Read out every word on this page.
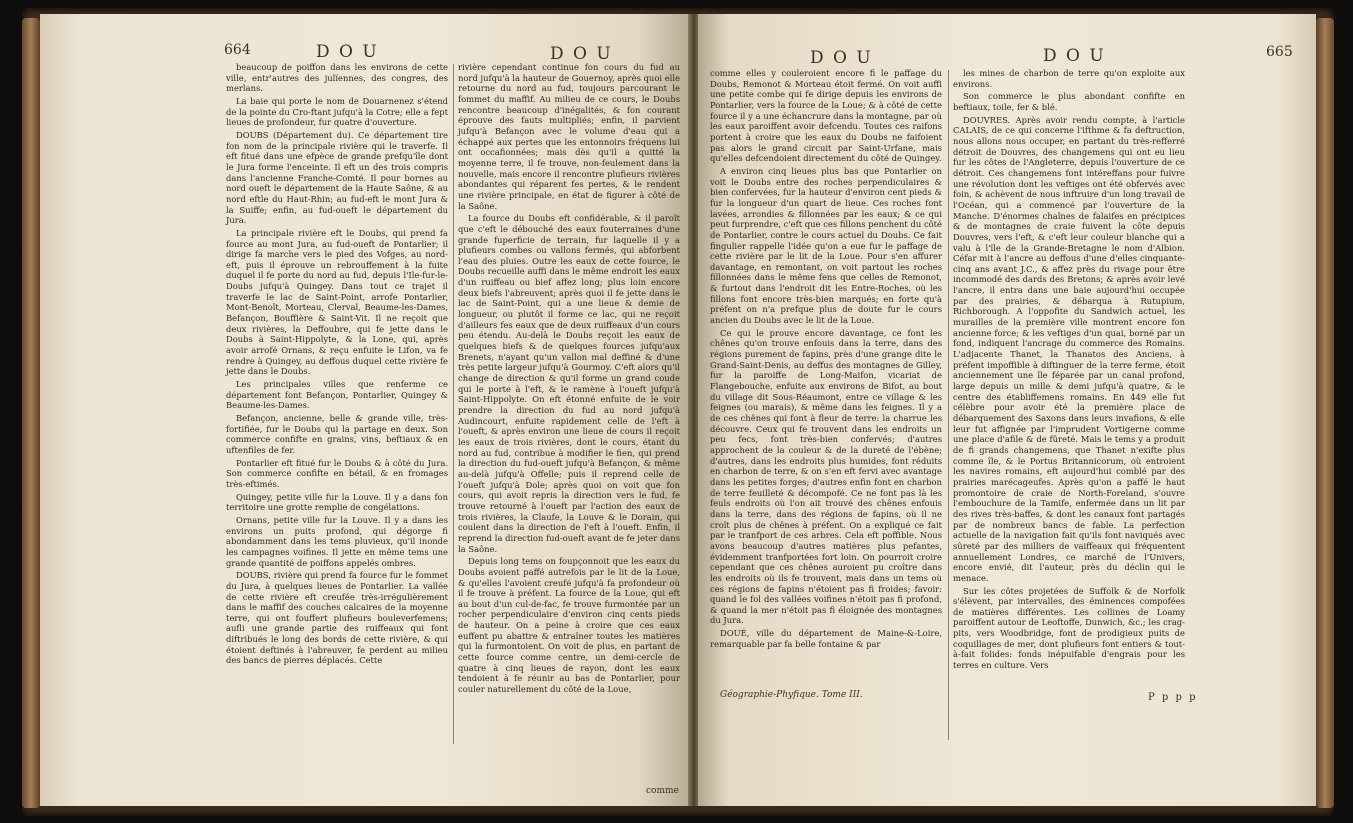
664	D O U	D O U

beaucoup de poiffon dans les environs de cette ville, entr'autres des julïennes, des congres, des merlans.

La baie qui porte le nom de Douarnenez s'étend de la pointe du Cro-ftant jufqu'à la Cotre; elle a fept lieues de profondeur, fur quatre d'ouverture.

DOUBS (Département du). Ce département tire fon nom de la principale rivière qui le traverfe. Il eft fitué dans une efpèce de grande prefqu'île dont le Jura forme l'enceinte. Il eft un des trois compris dans l'ancienne Franche-Comté. Il pour bornes au nord oueft le département de la Haute Saône, & au nord eftle du Haut-Rhin; au fud-eft le mont Jura & la Suiffe; enfin, au fud-oueft le département du Jura.

La principale rivière eft le Doubs, qui prend fa fource au mont Jura, au fud-oueft de Pontarlier; il dirige fa marche vers le pied des Vofges, au nord-eft, puis il éprouve un rebrouffement à la fuite duquel il fe porte du nord au fud, depuis l'Ile-fur-le-Doubs jufqu'à Quingey. Dans tout ce trajet il traverfe le lac de Saint-Point, arrofe Pontarlier, Mont-Benoît, Morteau, Clerval, Beaume-les-Dames, Befançon, Bouffière & Saint-Vit. Il ne reçoit que deux rivières, la Deffoubre, qui fe jette dans le Doubs à Saint-Hippolyte, & la Lone, qui, après avoir arrofé Ornans, & reçu enfuite le Lifon, va fe rendre à Quingey, au deffous duquel cette rivière fe jette dans le Doubs.

Les principales villes que renferme ce département font Befançon, Pontarlier, Quingey & Beaume-les-Dames.

Befançon, ancienne, belle & grande ville, très-fortifiée, fur le Doubs qui la partage en deux. Son commerce confifte en grains, vins, beftiaux & en uftenfiles de fer.

Pontarlier eft fitué fur le Doubs & à côté du Jura. Son commerce confifte en bétail, & en fromages très-eftimés.

Quingey, petite ville fur la Louve. Il y a dans fon territoire une grotte remplie de congélations.

Ornans, petite ville fur la Louve. Il y a dans les environs un puits profond, qui dégorge fi abondamment dans les tems pluvieux, qu'il inonde les campagnes voifines. Il jette en même tems une grande quantité de poiffons appelés ombres.

DOUBS, rivière qui prend fa fource fur le fommet du Jura, à quelques lieues de Pontarlier. La vallée de cette rivière eft creufée très-irrégulièrement dans le maffif des couches calcaires de la moyenne terre, qui ont fouffert plufieurs bouleverfemens; aufli une grande partie des ruiffeaux qui font diftribués le long des bords de cette rivière, & qui étoient deftinés à l'abreuver, fe perdent au milieu des bancs de pierres déplacés. Cette

rivière cependant continue fon cours du fud au nord jufqu'à la hauteur de Gouernoy, après quoi elle retourne du nord au fud, toujours parcourant le fommet du maffif. Au milieu de ce cours, le Doubs rencontre beaucoup d'inégalités, & fon courant éprouve des fauts multipliés; enfin, il parvient jufqu'à Befançon avec le volume d'eau qui a échappé aux pertes que les entonnoirs fréquens lui ont occafionnées; mais dès qu'il a quitté la moyenne terre, il fe trouve, non-feulement dans la nouvelle, mais encore il rencontre plufieurs rivières abondantes qui réparent fes pertes, & le rendent une rivière principale, en état de figurer à côté de la Saône.

La fource du Doubs eft confidérable, & il paroît que c'eft le débouché des eaux fouterraines d'une grande fuperficie de terrain, fur laquelle il y a plufieurs combes ou vallons fermés, qui abforbent l'eau des pluies. Outre les eaux de cette fource, le Doubs recueille auffi dans le même endroit les eaux d'un ruiffeau ou bief affez long; plus loin encore deux biefs l'abreuvent; après quoi il fe jette dans le lac de Saint-Point, qui a une lieue & demie de longueur, ou plutôt il forme ce lac, qui ne reçoit d'ailleurs fes eaux que de deux ruiffeaux d'un cours peu étendu. Au-delà le Doubs reçoit les eaux de quelques biefs & de quelques fources jufqu'aux Brenets, n'ayant qu'un vallon mal deffiné & d'une très petite largeur jufqu'à Gourmoy. C'eft alors qu'il change de direction & qu'il forme un grand coude qui le porte à l'eft, & le ramène à l'oueft jufqu'à Saint-Hippolyte. On eft étonné enfuite de le voir prendre la direction du fud au nord jufqu'à Audincourt, enfuite rapidement celle de l'eft à l'oueft, & après environ une lieue de cours il reçoit les eaux de trois rivières, dont le cours, étant du nord au fud, contribue à modifier le fien, qui prend la direction du fud-oueft jufqu'à Befançon, & même au-delà jufqu'à Offelle; puis il reprend celle de l'oueft jufqu'à Dole; après quoi on voit que fon cours, qui avoit repris la direction vers le fud, fe trouve retourné à l'oueft par l'action des eaux de trois rivières, la Claufe, la Louve & le Dorain, qui coulent dans la direction de l'eft à l'oueft. Enfin, il reprend la direction fud-oueft avant de fe jeter dans la Saône.

Depuis long tems on foupçonnoit que les eaux du Doubs avoient paffé autrefois par le lit de la Loue, & qu'elles l'avoient creufé jufqu'à fa profondeur où il fe trouve à préfent. La fource de la Loue, qui eft au bout d'un cul-de-fac, fe trouve furmontée par un rocher perpendiculaire d'environ cinq cents pieds de hauteur. On a peine à croire que ces eaux euffent pu abattre & entraîner toutes les matières qui la furmontoient. On voit de plus, en partant de cette fource comme centre, un demi-cercle de quatre à cinq lieues de rayon, dont les eaux tendoient à fe réunir au bas de Pontarlier, pour couler naturellement du côté de la Loue,

comme
D O U	D O U	665

comme elles y couleroient encore fi le paffage du Doubs, Remonot & Morteau étoit fermé. On voit auffi une petite combe qui fe dirige depuis les environs de Pontarlier, vers la fource de la Loue; & à côté de cette fource il y a une échancrure dans la montagne, par où les eaux paroiffent avoir defcendu. Toutes ces raifons portent à croire que les eaux du Doubs ne faifoient pas alors le grand circuit par Saint-Urfane, mais qu'elles defcendoient directement du côté de Quingey.

A environ cinq lieues plus bas que Pontarlier on voit le Doubs entre des roches perpendiculaires & bien confervées, fur la hauteur d'environ cent pieds & fur la longueur d'un quart de lieue. Ces roches font lavées, arrondies & fillonnées par les eaux; & ce qui peut furprendre, c'eft que ces fillons penchent du côté de Pontarlier, contre le cours actuel du Doubs. Ce fait fingulier rappelle l'idée qu'on a eue fur le paffage de cette rivière par le lit de la Loue. Pour s'en affurer davantage, en remontant, on voit partout les roches fillonnées dans le même fens que celles de Remonot, & furtout dans l'endroit dit les Entre-Roches, où les fillons font encore très-bien marqués; en forte qu'à préfent on n'a prefque plus de doute fur le cours ancien du Doubs avec le lit de la Loue.

Ce qui le prouve encore davantage, ce font les chênes qu'on trouve enfouis dans la terre, dans des régions purement de fapins, près d'une grange dite le Grand-Saint-Denis, au deffus des montagnes de Gilley, fur la paroiffe de Long-Maifon, vicariat de Flangebouche, enfuite aux environs de Bifot, au bout du village dit Sous-Réaumont, entre ce village & les feignes (ou marais), & même dans les feignes. Il y a de ces chênes qui font à fleur de terre: la charrue les découvre. Ceux qui fe trouvent dans les endroits un peu fecs, font très-bien confervés; d'autres approchent de la couleur & de la dureté de l'ébène; d'autres, dans les endroits plus humides, font réduits en charbon de terre, & on s'en eft fervi avec avantage dans les petites forges; d'autres enfin font en charbon de terre feuilleté & décompofé. Ce ne font pas là les feuls endroits où l'on ait trouvé des chênes enfouis dans la terre, dans des régions de fapins, où il ne croît plus de chênes à préfent. On a expliqué ce fait par le tranfport de ces arbres. Cela eft poffible. Nous avons beaucoup d'autres matières plus pefantes, évidemment tranfportées fort loin. On pourroit croire cependant que ces chênes auroient pu croître dans les endroits où ils fe trouvent, mais dans un tems où ces régions de fapins n'étoient pas fi froides; favoir: quand le fol des vallées voifines n'étoit pas fi profond, & quand la mer n'étoit pas fi éloignée des montagnes du Jura.

DOUÉ, ville du département de Maine-&-Loire, remarquable par fa belle fontaine & par

les mines de charbon de terre qu'on exploite aux environs.

Son commerce le plus abondant confifte en beftiaux, toile, fer & blé.

DOUVRES. Après avoir rendu compte, à l'article CALAIS, de ce qui concerne l'ifthme & fa deftruction, nous allons nous occuper, en partant du très-refferré détroit de Douvres, des changemens qui ont eu lieu fur les côtes de l'Angleterre, depuis l'ouverture de ce détroit. Ces changemens font intéreffans pour fuivre une révolution dont les veftiges ont été obfervés avec foin, & achèvent de nous inftruire d'un long travail de l'Océan, qui a commencé par l'ouverture de la Manche. D'énormes chaînes de falaifes en précipices & de montagnes de craie fuivent la côte depuis Douvres, vers l'eft, & c'eft leur couleur blanche qui a valu à l'île de la Grande-Bretagne le nom d'Albion. Céfar mit à l'ancre au deffous d'une d'elles cinquante-cinq ans avant J.C., & affez près du rivage pour être incommodé des dards des Bretons; & après avoir levé l'ancre, il entra dans une baie aujourd'hui occupée par des prairies, & débarqua à Rutupium, Richborough. A l'oppofite du Sandwich actuel, les murailles de la première ville montrent encore fon ancienne force; & les veftiges d'un quai, borné par un fond, indiquent l'ancrage du commerce des Romains. L'adjacente Thanet, la Thanatos des Anciens, à préfent impoffible à diftinguer de la terre ferme, étoit anciennement une île féparée par un canal profond, large depuis un mille & demi jufqu'à quatre, & le centre des établiffemens romains. En 449 elle fut célèbre pour avoir été la première place de débarquement des Saxons dans leurs invafions, & elle leur fut affignée par l'imprudent Vortigerne comme une place d'afile & de fûreté. Mais le tems y a produit de fi grands changemens, que Thanet n'exifte plus comme île, & le Portus Britannicorum, où entroient les navires romains, eft aujourd'hui comblé par des prairies marécageufes. Après qu'on a paffé le haut promontoire de craie de North-Foreland, s'ouvre l'embouchure de la Tamife, enfermée dans un lit par des rives très-baffes, & dont les canaux font partagés par de nombreux bancs de fable. La perfection actuelle de la navigation fait qu'ils font naviqués avec sûreté par des milliers de vaiffeaux qui fréquentent annuellement Londres, ce marché de l'Univers, encore envié, dit l'auteur, près du déclin qui le menace.

Sur les côtes projetées de Suffolk & de Norfolk s'élèvent, par intervalles, des éminences compofées de matières différentes. Les collines de Loamy paroiffent autour de Leoftoffe, Dunwich, &c.; les crag-pits, vers Woodbridge, font de prodigieux puits de coquillages de mer, dont plufieurs font entiers & tout-à-fait folides: fonds inépuifable d'engrais pour les terres en culture. Vers

Géographie-Phyfique. Tome III.	P p p p
